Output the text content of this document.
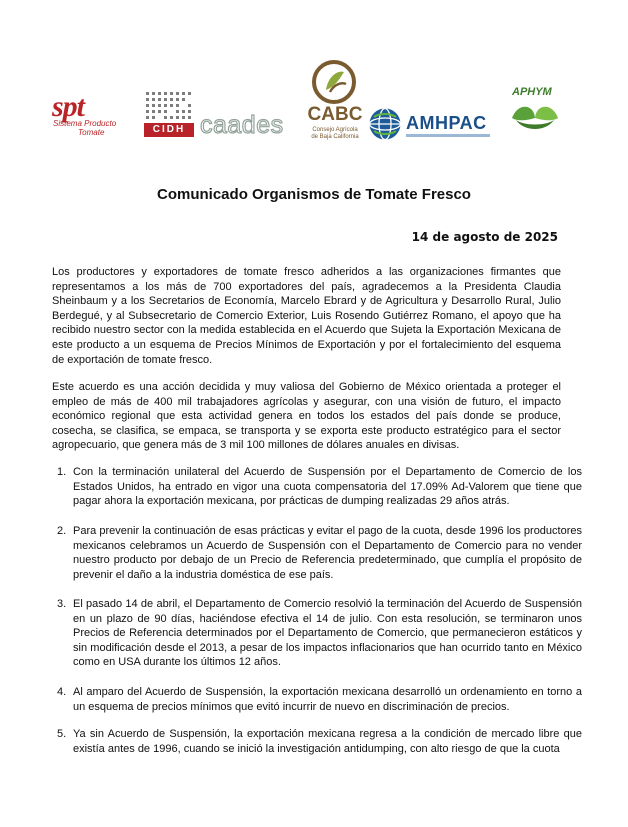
spt
Sistema Producto
Tomate	CIDH caades	CABC
Consejo Agrícola
de Baja California
AMHPAC
APHYM
Comunicado Organismos de Tomate Fresco
14 de agosto de 2025

Los productores y exportadores de tomate fresco adheridos a las organizaciones firmantes que representamos a los más de 700 exportadores del país, agradecemos a la Presidenta Claudia Sheinbaum y a los Secretarios de Economía, Marcelo Ebrard y de Agricultura y Desarrollo Rural, Julio Berdegué, y al Subsecretario de Comercio Exterior, Luis Rosendo Gutiérrez Romano, el apoyo que ha recibido nuestro sector con la medida establecida en el Acuerdo que Sujeta la Exportación Mexicana de este producto a un esquema de Precios Mínimos de Exportación y por el fortalecimiento del esquema de exportación de tomate fresco.

Este acuerdo es una acción decidida y muy valiosa del Gobierno de México orientada a proteger el empleo de más de 400 mil trabajadores agrícolas y asegurar, con una visión de futuro, el impacto económico regional que esta actividad genera en todos los estados del país donde se produce, cosecha, se clasifica, se empaca, se transporta y se exporta este producto estratégico para el sector agropecuario, que genera más de 3 mil 100 millones de dólares anuales en divisas.

1. Con la terminación unilateral del Acuerdo de Suspensión por el Departamento de Comercio de los Estados Unidos, ha entrado en vigor una cuota compensatoria del 17.09% Ad-Valorem que tiene que pagar ahora la exportación mexicana, por prácticas de dumping realizadas 29 años atrás.
2. Para prevenir la continuación de esas prácticas y evitar el pago de la cuota, desde 1996 los productores mexicanos celebramos un Acuerdo de Suspensión con el Departamento de Comercio para no vender nuestro producto por debajo de un Precio de Referencia predeterminado, que cumplía el propósito de prevenir el daño a la industria doméstica de ese país.
3. El pasado 14 de abril, el Departamento de Comercio resolvió la terminación del Acuerdo de Suspensión en un plazo de 90 días, haciéndose efectiva el 14 de julio. Con esta resolución, se terminaron unos Precios de Referencia determinados por el Departamento de Comercio, que permanecieron estáticos y sin modificación desde el 2013, a pesar de los impactos inflacionarios que han ocurrido tanto en México como en USA durante los últimos 12 años.
4. Al amparo del Acuerdo de Suspensión, la exportación mexicana desarrolló un ordenamiento en torno a un esquema de precios mínimos que evitó incurrir de nuevo en discriminación de precios.
5. Ya sin Acuerdo de Suspensión, la exportación mexicana regresa a la condición de mercado libre que existía antes de 1996, cuando se inició la investigación antidumping, con alto riesgo de que la cuota
